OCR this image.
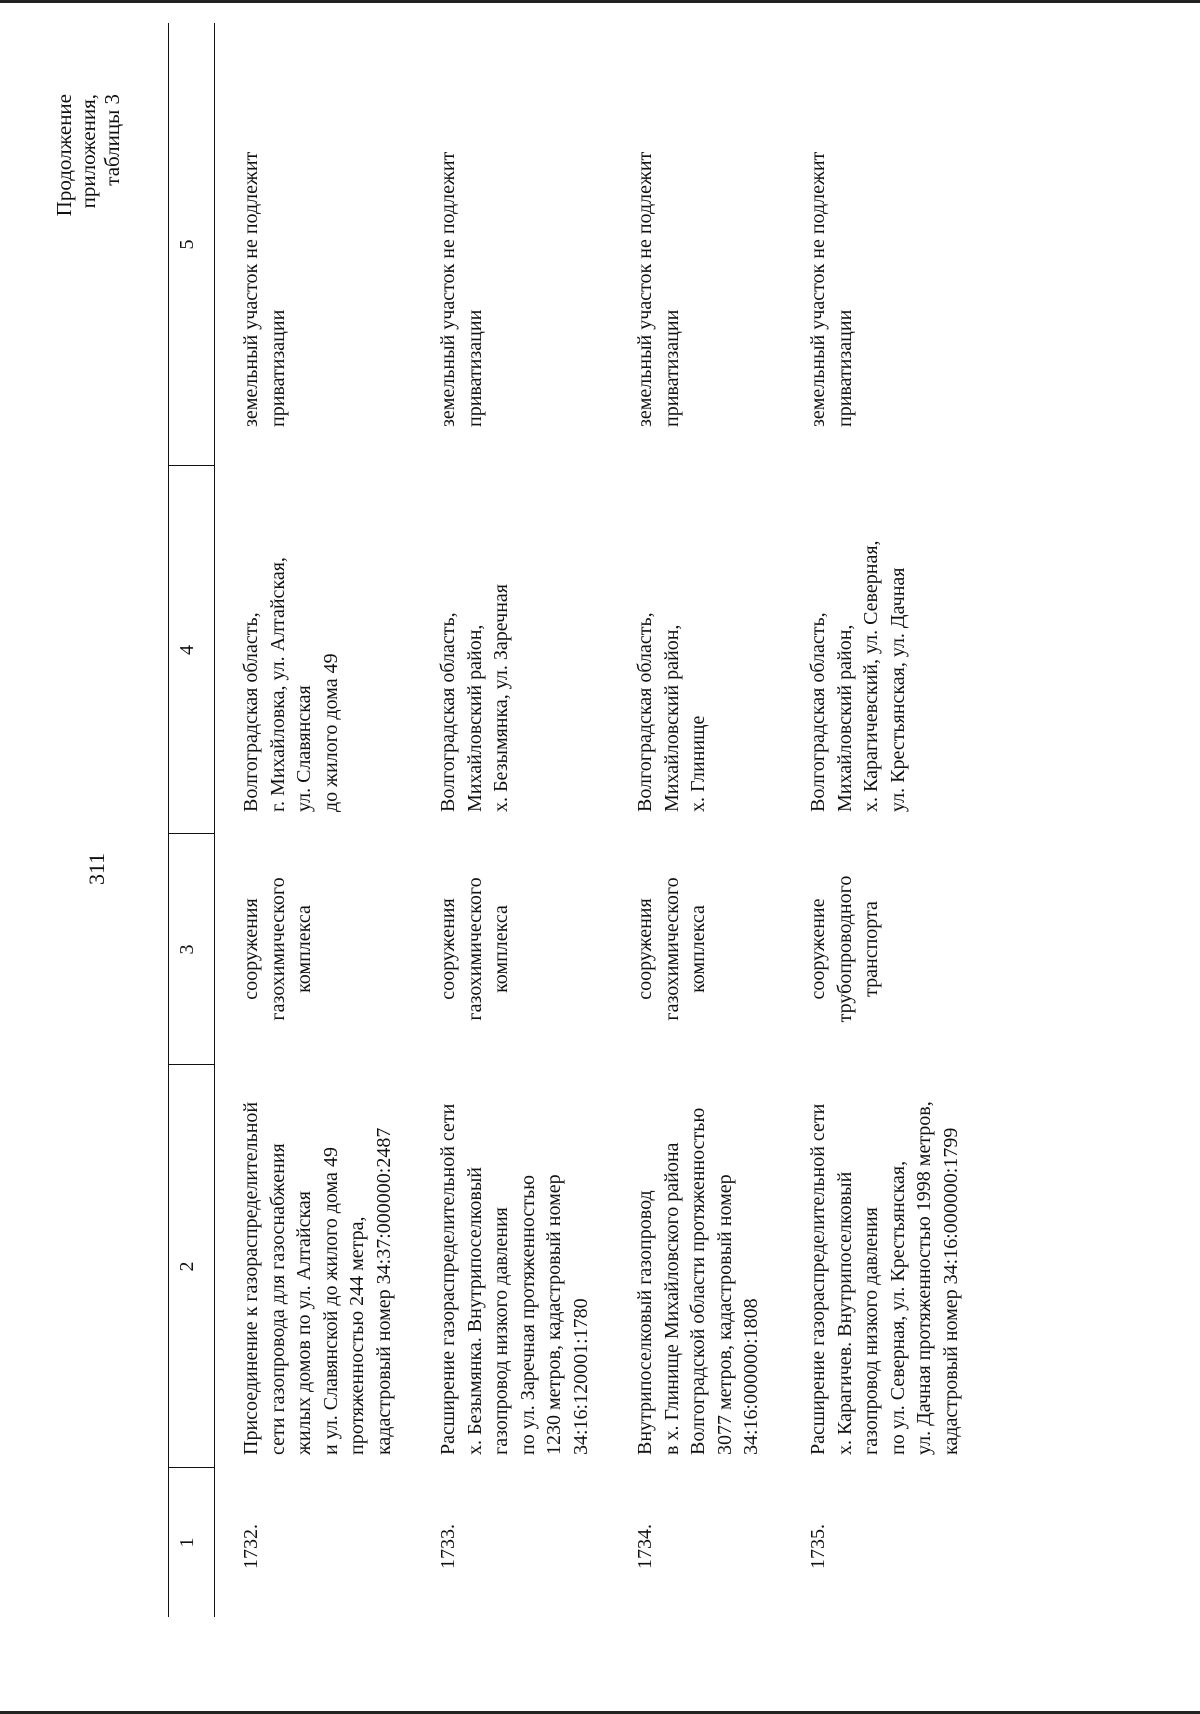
311
Продолжение приложения, таблицы 3
1
2
3
4
5
1732.
Присоединение к газораспределительной сети газопровода для газоснабжения жилых домов по ул. Алтайская и ул. Славянской до жилого дома 49 протяженностью 244 метра, кадастровый номер 34:37:000000:2487
сооружения газохимического комплекса
Волгоградская область, г. Михайловка, ул. Алтайская, ул. Славянская до жилого дома 49
земельный участок не подлежит приватизации
1733.
Расширение газораспределительной сети х. Безымянка. Внутрипоселковый газопровод низкого давления по ул. Заречная протяженностью 1230 метров, кадастровый номер 34:16:120001:1780
сооружения газохимического комплекса
Волгоградская область, Михайловский район, х. Безымянка, ул. Заречная
земельный участок не подлежит приватизации
1734.
Внутрипоселковый газопровод в х. Глинище Михайловского района Волгоградской области протяженностью 3077 метров, кадастровый номер 34:16:000000:1808
сооружения газохимического комплекса
Волгоградская область, Михайловский район, х. Глинище
земельный участок не подлежит приватизации
1735.
Расширение газораспределительной сети х. Карагичев. Внутрипоселковый газопровод низкого давления по ул. Северная, ул. Крестьянская, ул. Дачная протяженностью 1998 метров, кадастровый номер 34:16:000000:1799
сооружение трубопроводного транспорта
Волгоградская область, Михайловский район, х. Карагичевский, ул. Северная, ул. Крестьянская, ул. Дачная
земельный участок не подлежит приватизации
